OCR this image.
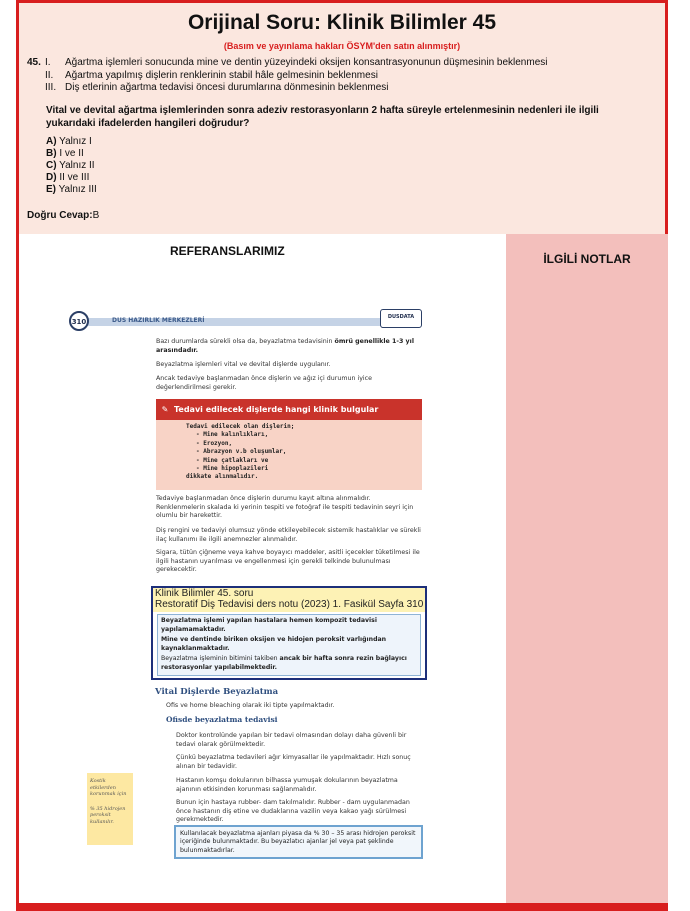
Orijinal Soru: Klinik Bilimler 45
(Basım ve yayınlama hakları ÖSYM'den satın alınmıştır)
45. I.	Ağartma işlemleri sonucunda mine ve dentin yüzeyindeki oksijen konsantrasyonunun düşmesinin beklenmesi
II.	Ağartma yapılmış dişlerin renklerinin stabil hâle gelmesinin beklenmesi
III. Diş etlerinin ağartma tedavisi öncesi durumlarına dönmesinin beklenmesi
Vital ve devital ağartma işlemlerinden sonra adeziv restorasyonların 2 hafta süreyle ertelenmesinin nedenleri ile ilgili yukarıdaki ifadelerden hangileri doğrudur?
A) Yalnız I
B) I ve II
C) Yalnız II
D) II ve III
E) Yalnız III
Doğru Cevap:B
İLGİLİ NOTLAR
REFERANSLARIMIZ
310	DUS HAZIRLIK MERKEZLERİ	DUSDATA
Bazı durumlarda sürekli olsa da, beyazlatma tedavisinin ömrü genellikle 1-3 yıl arasındadır.
Beyazlatma işlemleri vital ve devital dişlerde uygulanır.
Ancak tedaviye başlanmadan önce dişlerin ve ağız içi durumun iyice değerlendirilmesi gerekir.
✎ Tedavi edilecek dişlerde hangi klinik bulgular
Tedavi edilecek olan dişlerin;
- Mine kalınlıkları,
- Erozyon,
- Abrazyon v.b oluşumlar,
- Mine çatlakları ve
- Mine hipoplazileri
dikkate alınmalıdır.
Tedaviye başlanmadan önce dişlerin durumu kayıt altına alınmalıdır. Renklenmelerin skalada ki yerinin tespiti ve fotoğraf ile tespiti tedavinin seyri için olumlu bir harekettir.
Diş rengini ve tedaviyi olumsuz yönde etkileyebilecek sistemik hastalıklar ve sürekli ilaç kullanımı ile ilgili anemnezler alınmalıdır.
Sigara, tütün çiğneme veya kahve boyayıcı maddeler, asitli içecekler tüketilmesi ile ilgili hastanın uyarılması ve engellenmesi için gerekli telkinde bulunulması gerekecektir.
Vital Dişlerde Beyazlatma
Ofis ve home bleaching olarak iki tipte yapılmaktadır.
Ofisde beyazlatma tedavisi
Doktor kontrolünde yapılan bir tedavi olmasından dolayı daha güvenli bir tedavi olarak görülmektedir.
Çünkü beyazlatma tedavileri ağır kimyasallar ile yapılmaktadır. Hızlı sonuç alınan bir tedavidir.
Hastanın komşu dokularının bilhassa yumuşak dokularının beyazlatma ajanının etkisinden korunması sağlanmalıdır.
Bunun için hastaya rubber- dam takılmalıdır. Rubber - dam uygulanmadan önce hastanın diş etine ve dudaklarına vazilin veya kakao yağı sürülmesi gerekmektedir.
Kostik etkilerden korunmak için
% 35 hidrojen peroksit kullanılır.
Kullanılacak beyazlatma ajanları piyasa da % 30 – 35 arası hidrojen peroksit içeriğinde bulunmaktadır. Bu beyazlatıcı ajanlar jel veya pat şeklinde bulunmaktadırlar.
Klinik Bilimler 45. soru
Restoratif Diş Tedavisi ders notu (2023) 1. Fasikül Sayfa 310
Beyazlatma işlemi yapılan hastalara hemen kompozit tedavisi yapılamamaktadır.
Mine ve dentinde biriken oksijen ve hidojen peroksit varlığından kaynaklanmaktadır.
Beyazlatma işleminin bitimini takiben ancak bir hafta sonra rezin bağlayıcı restorasyonlar yapılabilmektedir.
